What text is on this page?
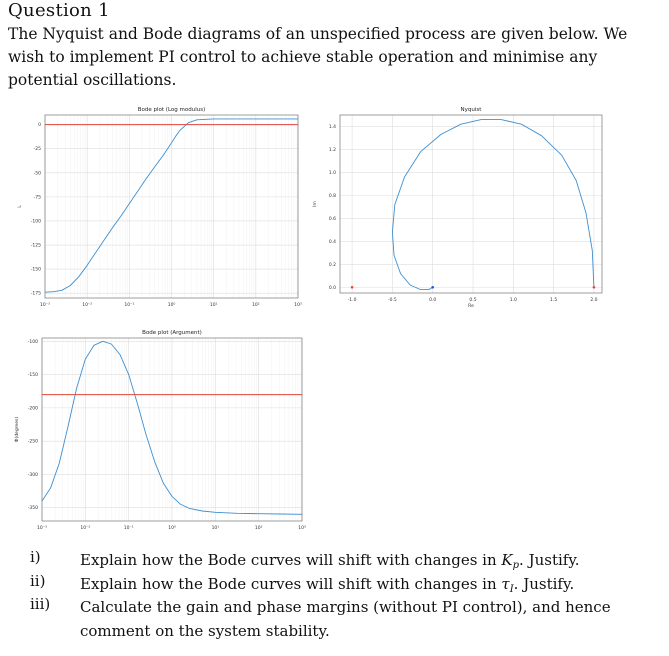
Question 1
The Nyquist and Bode diagrams of an unspecified process are given below. We wish to implement PI control to achieve stable operation and minimise any potential oscillations.
Bode plot (Log modulus)
10⁻³	10⁻²	10⁻¹	10⁰	10¹	10²	10³
0
-25
-50
-75
-100
-125
-150
-175
L
Nyquist
-1.0	-0.5	0.0	0.5	1.0	1.5	2.0
0.0
0.2
0.4
0.6
0.8
1.0
1.2
1.4
Im
Re
Bode plot (Argument)
10⁻³	10⁻²	10⁻¹	10⁰	10¹	10²	10³
-100
-150
-200
-250
-300
-350
Φ(degrees)
i)	Explain how the Bode curves will shift with changes in $K_p$. Justify.
ii) Explain how the Bode curves will shift with changes in $\tau_I$. Justify.
iii) Calculate the gain and phase margins (without PI control), and hence comment on the system stability.
